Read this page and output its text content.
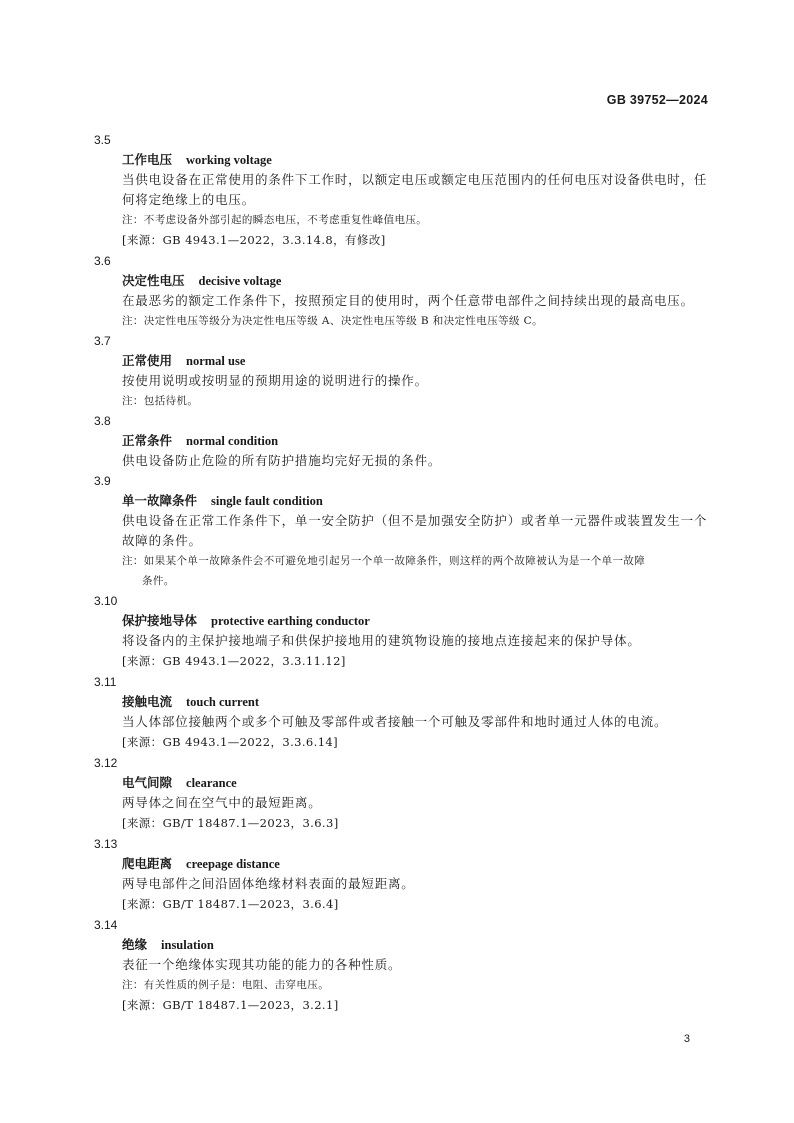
GB 39752—2024
3.5
工作电压 working voltage
当供电设备在正常使用的条件下工作时，以额定电压或额定电压范围内的任何电压对设备供电时，任何将定绝缘上的电压。
注：不考虑设备外部引起的瞬态电压，不考虑重复性峰值电压。
[来源：GB 4943.1—2022，3.3.14.8，有修改]
3.6
决定性电压 decisive voltage
在最恶劣的额定工作条件下，按照预定目的使用时，两个任意带电部件之间持续出现的最高电压。
注：决定性电压等级分为决定性电压等级 A、决定性电压等级 B 和决定性电压等级 C。
3.7
正常使用 normal use
按使用说明或按明显的预期用途的说明进行的操作。
注：包括待机。
3.8
正常条件 normal condition
供电设备防止危险的所有防护措施均完好无损的条件。
3.9
单一故障条件 single fault condition
供电设备在正常工作条件下，单一安全防护（但不是加强安全防护）或者单一元器件或装置发生一个故障的条件。
注：如果某个单一故障条件会不可避免地引起另一个单一故障条件，则这样的两个故障被认为是一个单一故障
条件。
3.10
保护接地导体 protective earthing conductor
将设备内的主保护接地端子和供保护接地用的建筑物设施的接地点连接起来的保护导体。
[来源：GB 4943.1—2022，3.3.11.12]
3.11
接触电流 touch current
当人体部位接触两个或多个可触及零部件或者接触一个可触及零部件和地时通过人体的电流。
[来源：GB 4943.1—2022，3.3.6.14]
3.12
电气间隙 clearance
两导体之间在空气中的最短距离。
[来源：GB/T 18487.1—2023，3.6.3]
3.13
爬电距离 creepage distance
两导电部件之间沿固体绝缘材料表面的最短距离。
[来源：GB/T 18487.1—2023，3.6.4]
3.14
绝缘 insulation
表征一个绝缘体实现其功能的能力的各种性质。
注：有关性质的例子是：电阻、击穿电压。
[来源：GB/T 18487.1—2023，3.2.1]
3
